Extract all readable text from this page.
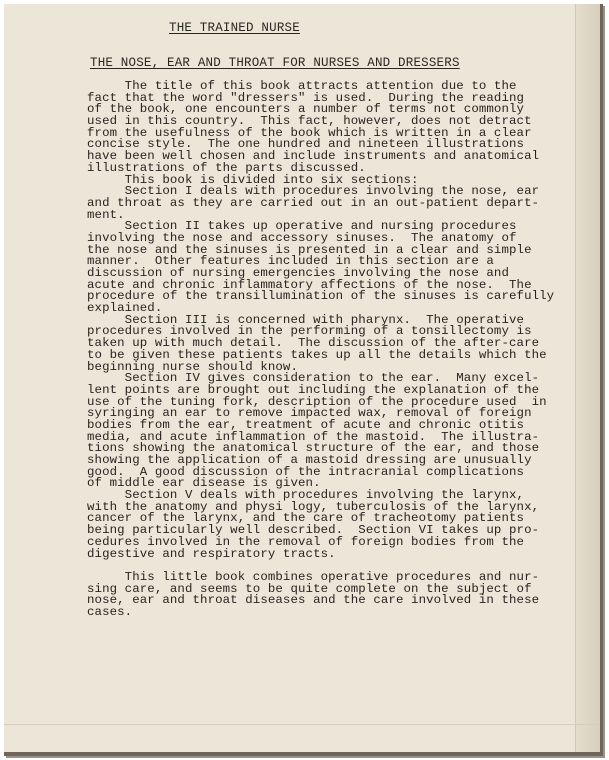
THE TRAINED NURSE
THE NOSE, EAR AND THROAT FOR NURSES AND DRESSERS
The title of this book attracts attention due to the
fact that the word "dressers" is used.  During the reading
of the book, one encounters a number of terms not commonly
used in this country.  This fact, however, does not detract
from the usefulness of the book which is written in a clear
concise style.  The one hundred and nineteen illustrations
have been well chosen and include instruments and anatomical
illustrations of the parts discussed.
This book is divided into six sections:
Section I deals with procedures involving the nose, ear
and throat as they are carried out in an out-patient depart-
ment.
Section II takes up operative and nursing procedures
involving the nose and accessory sinuses.  The anatomy of
the nose and the sinuses is presented in a clear and simple
manner.  Other features included in this section are a
discussion of nursing emergencies involving the nose and
acute and chronic inflammatory affections of the nose.  The
procedure of the transillumination of the sinuses is carefully
explained.
Section III is concerned with pharynx.  The operative
procedures involved in the performing of a tonsillectomy is
taken up with much detail.  The discussion of the after-care
to be given these patients takes up all the details which the
beginning nurse should know.
Section IV gives consideration to the ear.  Many excel-
lent points are brought out including the explanation of the
use of the tuning fork, description of the procedure used  in
syringing an ear to remove impacted wax, removal of foreign
bodies from the ear, treatment of acute and chronic otitis
media, and acute inflammation of the mastoid.  The illustra-
tions showing the anatomical structure of the ear, and those
showing the application of a mastoid dressing are unusually
good.  A good discussion of the intracranial complications
of middle ear disease is given.
Section V deals with procedures involving the larynx,
with the anatomy and physi logy, tuberculosis of the larynx,
cancer of the larynx, and the care of tracheotomy patients
being particularly well described.  Section VI takes up pro-
cedures involved in the removal of foreign bodies from the
digestive and respiratory tracts.
This little book combines operative procedures and nur-
sing care, and seems to be quite complete on the subject of
nose, ear and throat diseases and the care involved in these
cases.
